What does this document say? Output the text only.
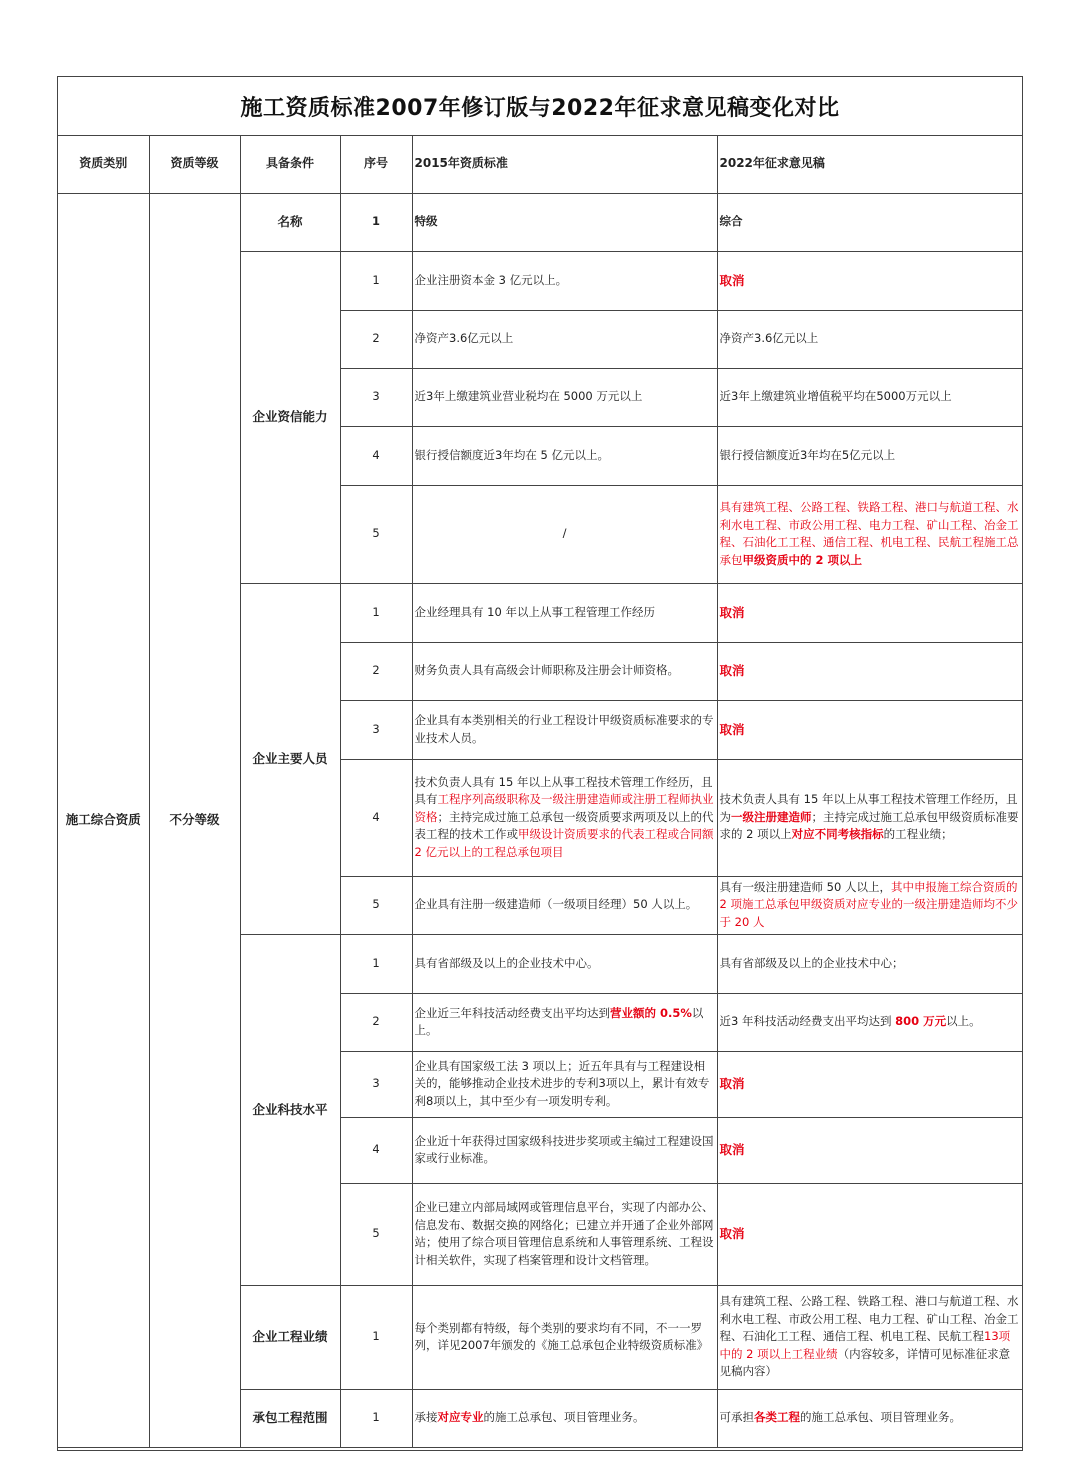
施工资质标准2007年修订版与2022年征求意见稿变化对比
资质类别	资质等级	具备条件	序号	2015年资质标准	2022年征求意见稿
施工综合资质	不分等级	名称	1	特级	综合
		企业资信能力	1	企业注册资本金 3 亿元以上。	取消
			2	净资产3.6亿元以上	净资产3.6亿元以上
			3	近3年上缴建筑业营业税均在 5000 万元以上	近3年上缴建筑业增值税平均在5000万元以上
			4	银行授信额度近3年均在 5 亿元以上。	银行授信额度近3年均在5亿元以上
			5	/	具有建筑工程、公路工程、铁路工程、港口与航道工程、水利水电工程、市政公用工程、电力工程、矿山工程、冶金工程、石油化工工程、通信工程、机电工程、民航工程施工总承包甲级资质中的 2 项以上
		企业主要人员	1	企业经理具有 10 年以上从事工程管理工作经历	取消
			2	财务负责人具有高级会计师职称及注册会计师资格。	取消
			3	企业具有本类别相关的行业工程设计甲级资质标准要求的专业技术人员。	取消
			4	技术负责人具有 15 年以上从事工程技术管理工作经历，且具有工程序列高级职称及一级注册建造师或注册工程师执业资格；主持完成过施工总承包一级资质要求两项及以上的代表工程的技术工作或甲级设计资质要求的代表工程或合同额 2 亿元以上的工程总承包项目	技术负责人具有 15 年以上从事工程技术管理工作经历，且为一级注册建造师；主持完成过施工总承包甲级资质标准要求的 2 项以上对应不同考核指标的工程业绩；
			5	企业具有注册一级建造师（一级项目经理）50 人以上。	具有一级注册建造师 50 人以上，其中申报施工综合资质的 2 项施工总承包甲级资质对应专业的一级注册建造师均不少于 20 人
		企业科技水平	1	具有省部级及以上的企业技术中心。	具有省部级及以上的企业技术中心；
			2	企业近三年科技活动经费支出平均达到营业额的 0.5%以上。	近3 年科技活动经费支出平均达到 800 万元以上。
			3	企业具有国家级工法 3 项以上；近五年具有与工程建设相关的，能够推动企业技术进步的专利3项以上，累计有效专利8项以上，其中至少有一项发明专利。	取消
			4	企业近十年获得过国家级科技进步奖项或主编过工程建设国家或行业标准。	取消
			5	企业已建立内部局域网或管理信息平台，实现了内部办公、信息发布、数据交换的网络化；已建立并开通了企业外部网站；使用了综合项目管理信息系统和人事管理系统、工程设计相关软件，实现了档案管理和设计文档管理。	取消
		企业工程业绩	1	每个类别都有特级，每个类别的要求均有不同，不一一罗列，详见2007年颁发的《施工总承包企业特级资质标准》	具有建筑工程、公路工程、铁路工程、港口与航道工程、水利水电工程、市政公用工程、电力工程、矿山工程、冶金工程、石油化工工程、通信工程、机电工程、民航工程13项中的 2 项以上工程业绩（内容较多，详情可见标准征求意见稿内容）
		承包工程范围	1	承接对应专业的施工总承包、项目管理业务。	可承担各类工程的施工总承包、项目管理业务。
